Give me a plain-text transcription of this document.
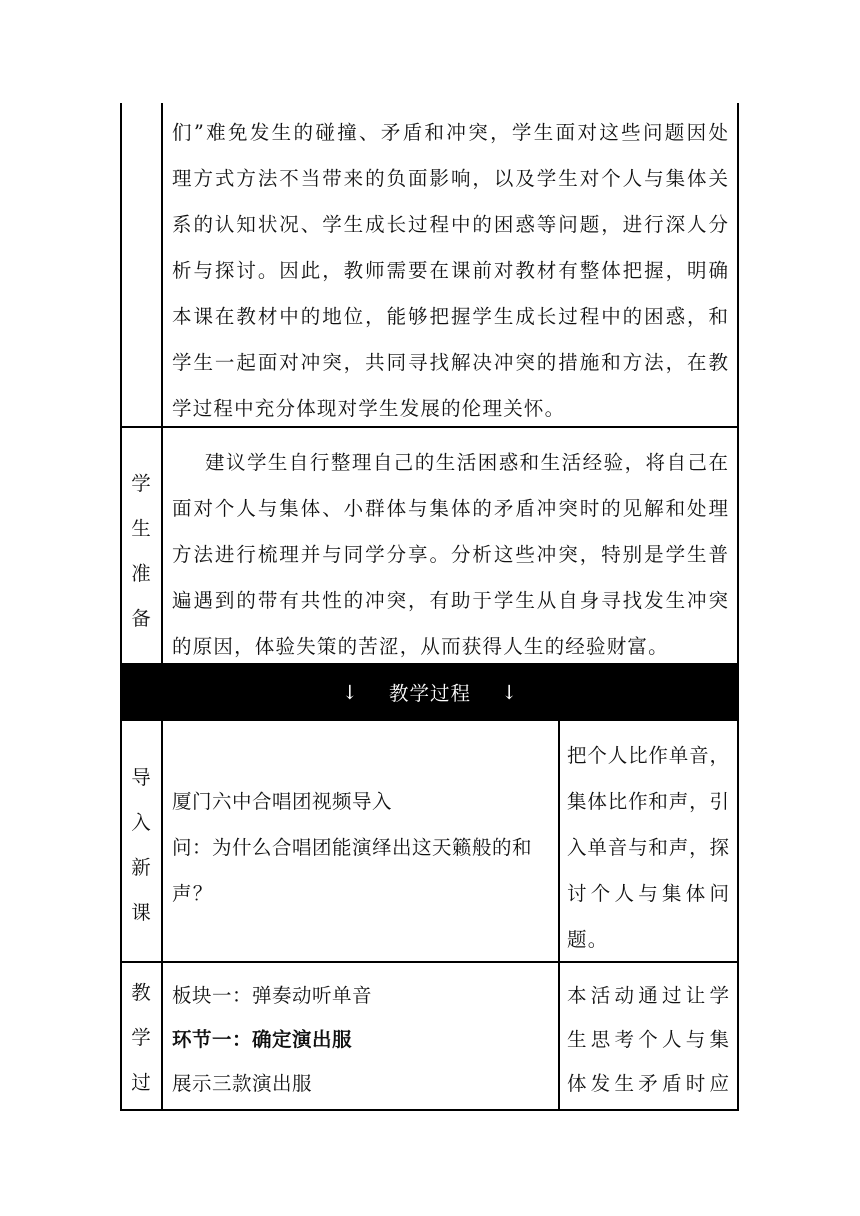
们”难免发生的碰撞、矛盾和冲突，学生面对这些问题因处
理方式方法不当带来的负面影响，以及学生对个人与集体关
系的认知状况、学生成长过程中的困惑等问题，进行深人分
析与探讨。因此，教师需要在课前对教材有整体把握，明确
本课在教材中的地位，能够把握学生成长过程中的困惑，和
学生一起面对冲突，共同寻找解决冲突的措施和方法，在教
学过程中充分体现对学生发展的伦理关怀。
学
生
准
备
建议学生自行整理自己的生活困惑和生活经验，将自己在
面对个人与集体、小群体与集体的矛盾冲突时的见解和处理
方法进行梳理并与同学分享。分析这些冲突，特别是学生普
遍遇到的带有共性的冲突，有助于学生从自身寻找发生冲突
的原因，体验失策的苦涩，从而获得人生的经验财富。
↓ 教学过程 ↓
导
入
新
课
厦门六中合唱团视频导入
问：为什么合唱团能演绎出这天籁般的和
声？
把个人比作单音，
集体比作和声，引
入单音与和声，探
讨个人与集体问
题。
教
学
过
板块一：弹奏动听单音
环节一：确定演出服
展示三款演出服
本活动通过让学
生思考个人与集
体发生矛盾时应
